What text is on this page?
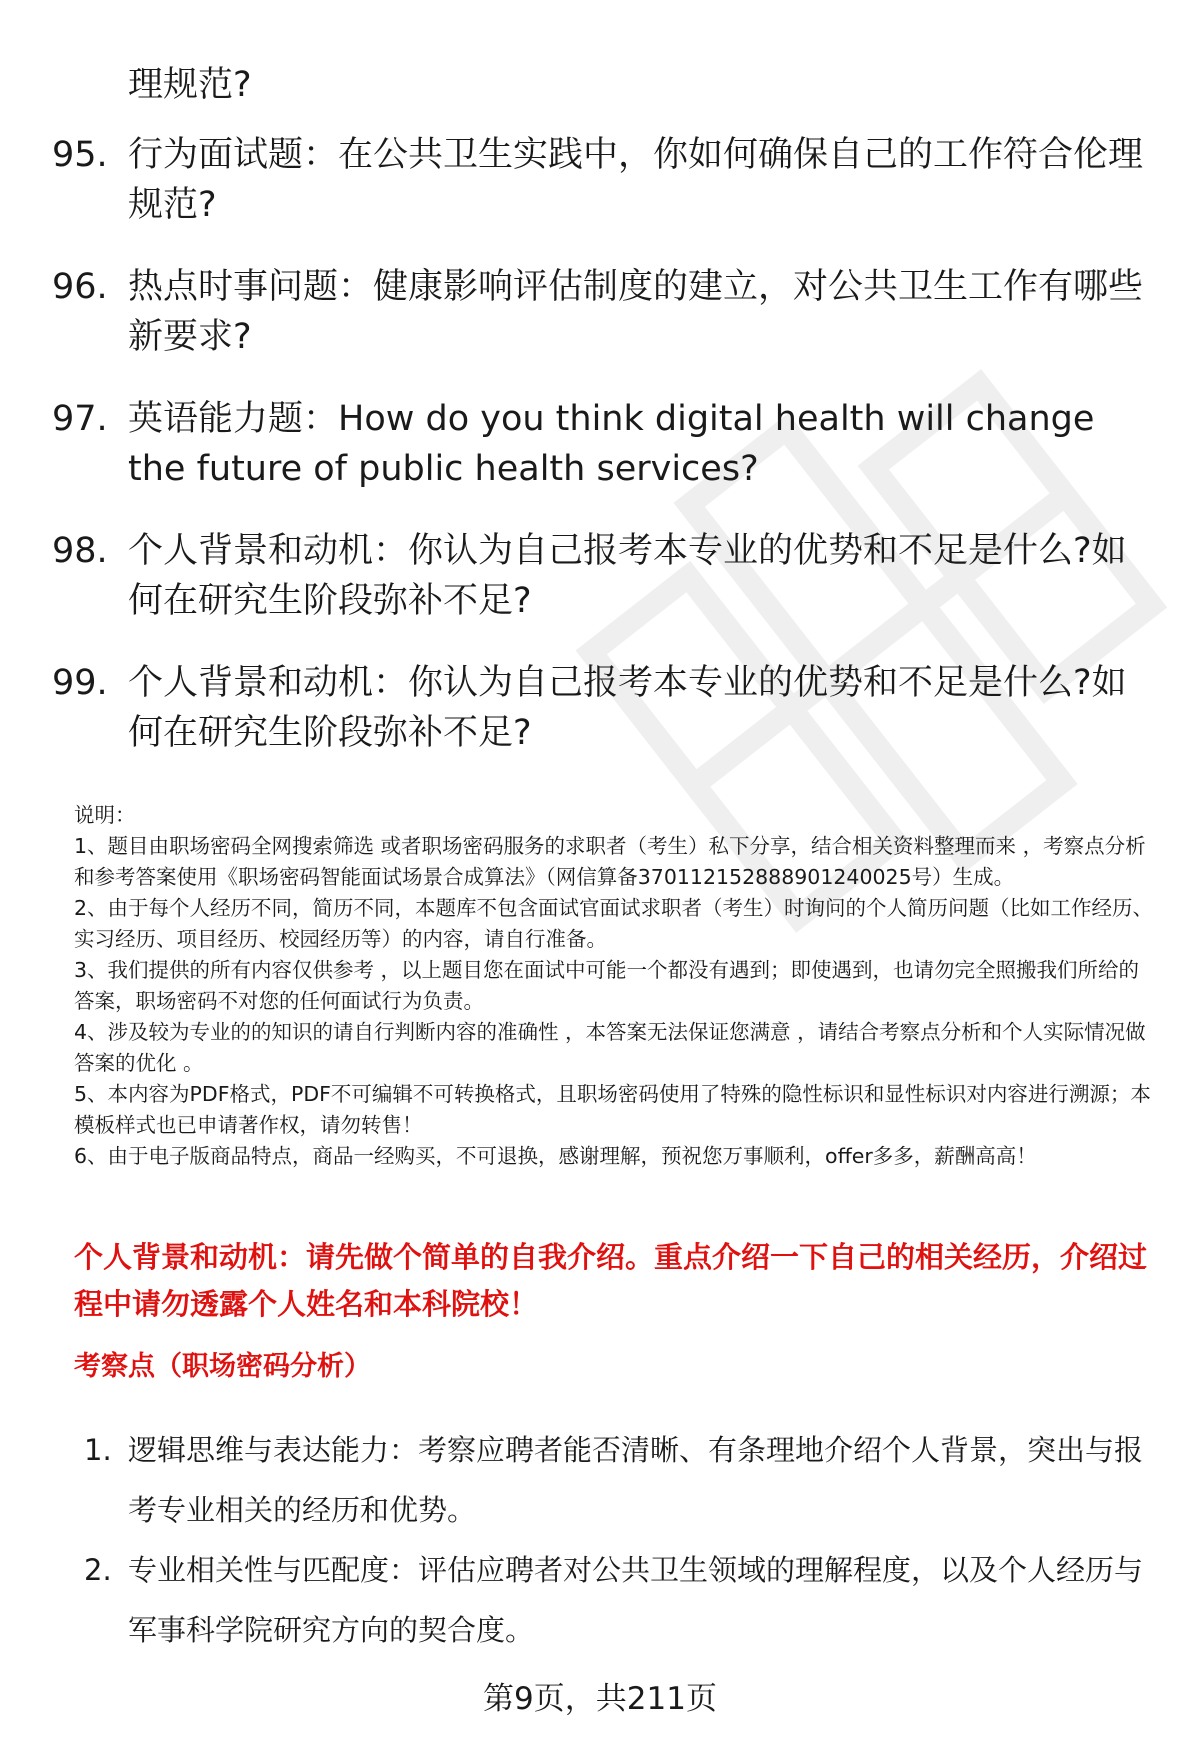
理规范?
95. 行为面试题：在公共卫生实践中，你如何确保自己的工作符合伦理规范?
96. 热点时事问题：健康影响评估制度的建立，对公共卫生工作有哪些新要求?
97. 英语能力题：How do you think digital health will change the future of public health services?
98. 个人背景和动机：你认为自己报考本专业的优势和不足是什么?如何在研究生阶段弥补不足?
99. 个人背景和动机：你认为自己报考本专业的优势和不足是什么?如何在研究生阶段弥补不足?
说明：
1、题目由职场密码全网搜索筛选 或者职场密码服务的求职者（考生）私下分享，结合相关资料整理而来 ，考察点分析和参考答案使用《职场密码智能面试场景合成算法》（网信算备370112152888901240025号）生成。
2、由于每个人经历不同，简历不同，本题库不包含面试官面试求职者（考生）时询问的个人简历问题（比如工作经历、实习经历、项目经历、校园经历等）的内容，请自行准备。
3、我们提供的所有内容仅供参考 ，以上题目您在面试中可能一个都没有遇到；即使遇到，也请勿完全照搬我们所给的答案，职场密码不对您的任何面试行为负责。
4、涉及较为专业的的知识的请自行判断内容的准确性 ，本答案无法保证您满意 ，请结合考察点分析和个人实际情况做答案的优化 。
5、本内容为PDF格式，PDF不可编辑不可转换格式，且职场密码使用了特殊的隐性标识和显性标识对内容进行溯源；本模板样式也已申请著作权，请勿转售！
6、由于电子版商品特点，商品一经购买，不可退换，感谢理解，预祝您万事顺利，offer多多，薪酬高高！
个人背景和动机：请先做个简单的自我介绍。重点介绍一下自己的相关经历，介绍过程中请勿透露个人姓名和本科院校！
考察点（职场密码分析）
1. 逻辑思维与表达能力：考察应聘者能否清晰、有条理地介绍个人背景，突出与报考专业相关的经历和优势。
2. 专业相关性与匹配度：评估应聘者对公共卫生领域的理解程度，以及个人经历与军事科学院研究方向的契合度。
第9页，共211页
